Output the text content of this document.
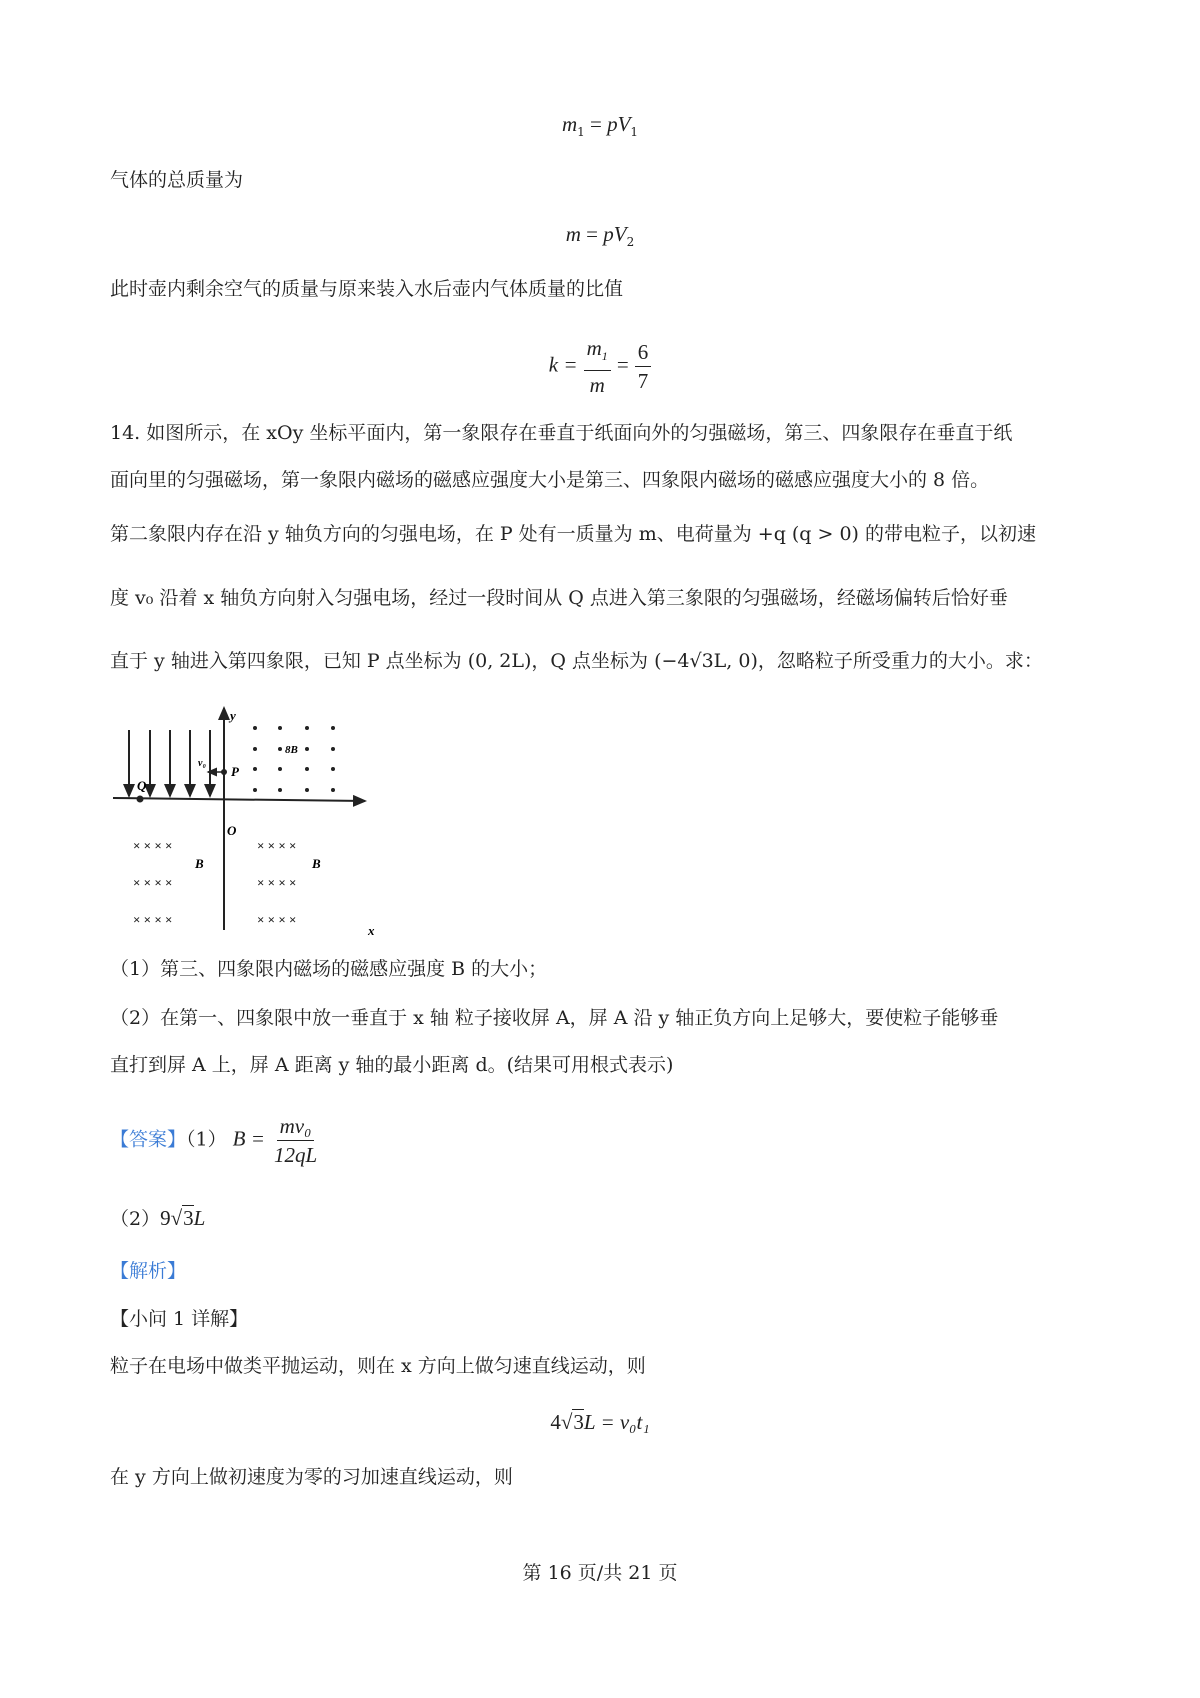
$m_1 = pV_1$
气体的总质量为
$m = pV_2$
此时壶内剩余空气的质量与原来装入水后壶内气体质量的比值
$k = \frac{m_1}{m} = \frac{6}{7}$
14. 如图所示，在 xOy 坐标平面内，第一象限存在垂直于纸面向外的匀强磁场，第三、四象限存在垂直于纸
面向里的匀强磁场，第一象限内磁场的磁感应强度大小是第三、四象限内磁场的磁感应强度大小的 8 倍。
第二象限内存在沿 y 轴负方向的匀强电场，在 P 处有一质量为 m、电荷量为 +q (q > 0) 的带电粒子，以初速
度 v₀ 沿着 x 轴负方向射入匀强电场，经过一段时间从 Q 点进入第三象限的匀强磁场，经磁场偏转后恰好垂
直于 y 轴进入第四象限，已知 P 点坐标为 (0, 2L)，Q 点坐标为 (−4√3L, 0)，忽略粒子所受重力的大小。求：
× × × ×
× × × ×
× × × ×
× × × ×
× × × ×
× × × ×
y
x
O
P
Q
v₀
8B
B	B
（1）第三、四象限内磁场的磁感应强度 B 的大小；
（2）在第一、四象限中放一垂直于 x 轴 粒子接收屏 A，屏 A 沿 y 轴正负方向上足够大，要使粒子能够垂
直打到屏 A 上，屏 A 距离 y 轴的最小距离 d。(结果可用根式表示)
【答案】（1） $B = \frac{\text{mv₀}}{12qL}$
（2）9√3L
【解析】
【小问 1 详解】
粒子在电场中做类平抛运动，则在 x 方向上做匀速直线运动，则
4√3L = v₀t₁
在 y 方向上做初速度为零的习加速直线运动，则
第 16 页/共 21 页
